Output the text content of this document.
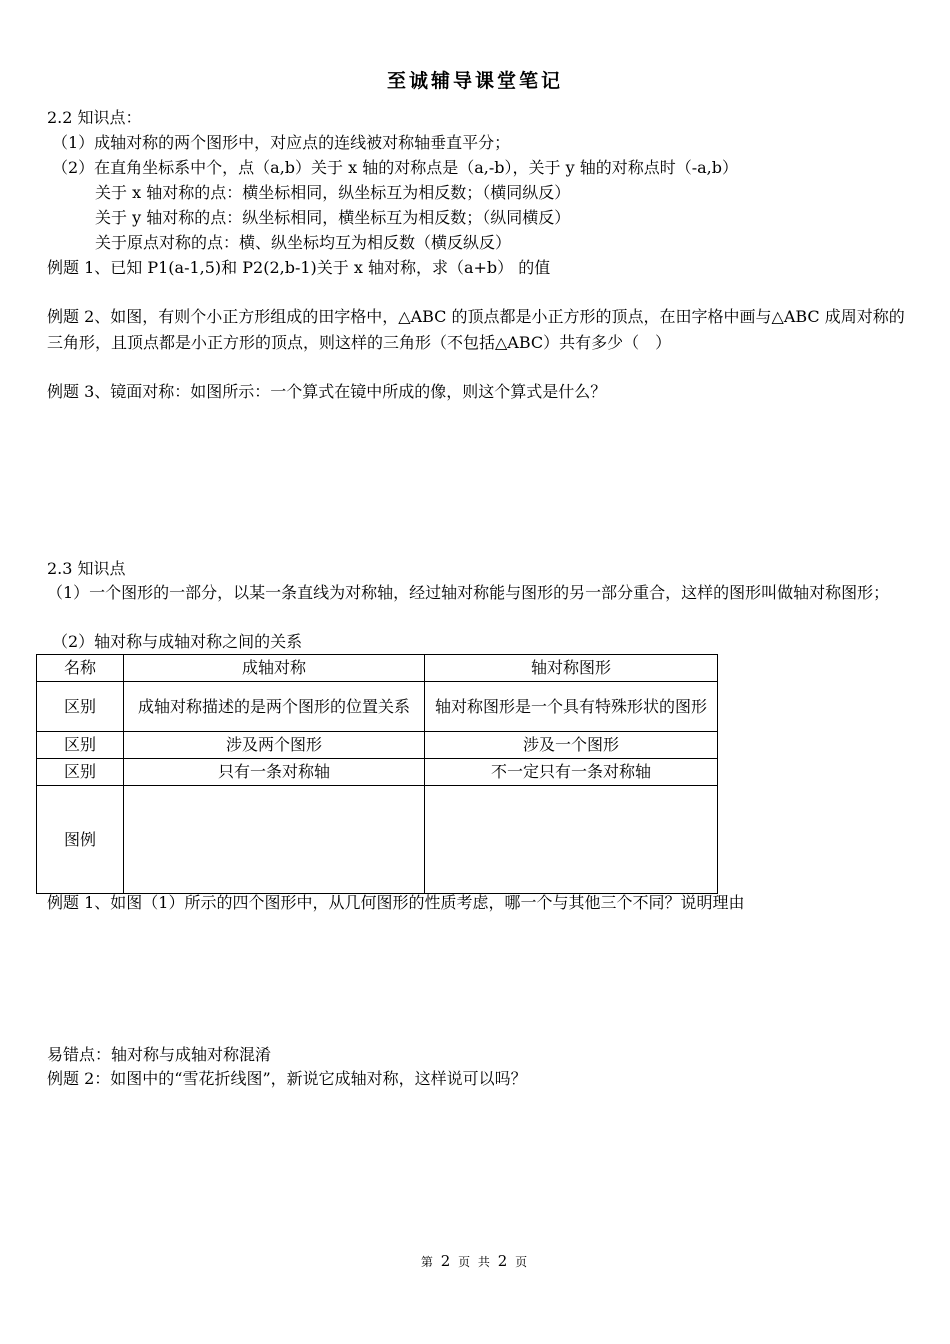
至诚辅导课堂笔记
2.2 知识点：
（1）成轴对称的两个图形中，对应点的连线被对称轴垂直平分；
（2）在直角坐标系中个，点（a,b）关于 x 轴的对称点是（a,-b），关于 y 轴的对称点时（-a,b）
关于 x 轴对称的点：横坐标相同，纵坐标互为相反数；（横同纵反）
关于 y 轴对称的点：纵坐标相同，横坐标互为相反数；（纵同横反）
关于原点对称的点：横、纵坐标均互为相反数（横反纵反）
例题 1、已知 P1(a-1,5)和 P2(2,b-1)关于 x 轴对称，求（a+b） 的值
例题 2、如图，有则个小正方形组成的田字格中，△ABC 的顶点都是小正方形的顶点，在田字格中画与△ABC 成周对称的三角形，且顶点都是小正方形的顶点，则这样的三角形（不包括△ABC）共有多少（　）
例题 3、镜面对称：如图所示：一个算式在镜中所成的像，则这个算式是什么？
2.3 知识点
（1）一个图形的一部分，以某一条直线为对称轴，经过轴对称能与图形的另一部分重合，这样的图形叫做轴对称图形；
（2）轴对称与成轴对称之间的关系
名称	成轴对称	轴对称图形
区别	成轴对称描述的是两个图形的位置关系	轴对称图形是一个具有特殊形状的图形
区别	涉及两个图形	涉及一个图形
区别	只有一条对称轴	不一定只有一条对称轴
图例		
例题 1、如图（1）所示的四个图形中，从几何图形的性质考虑，哪一个与其他三个不同？说明理由
易错点：轴对称与成轴对称混淆
例题 2：如图中的“雪花折线图”，新说它成轴对称，这样说可以吗？
第 2 页 共 2 页
